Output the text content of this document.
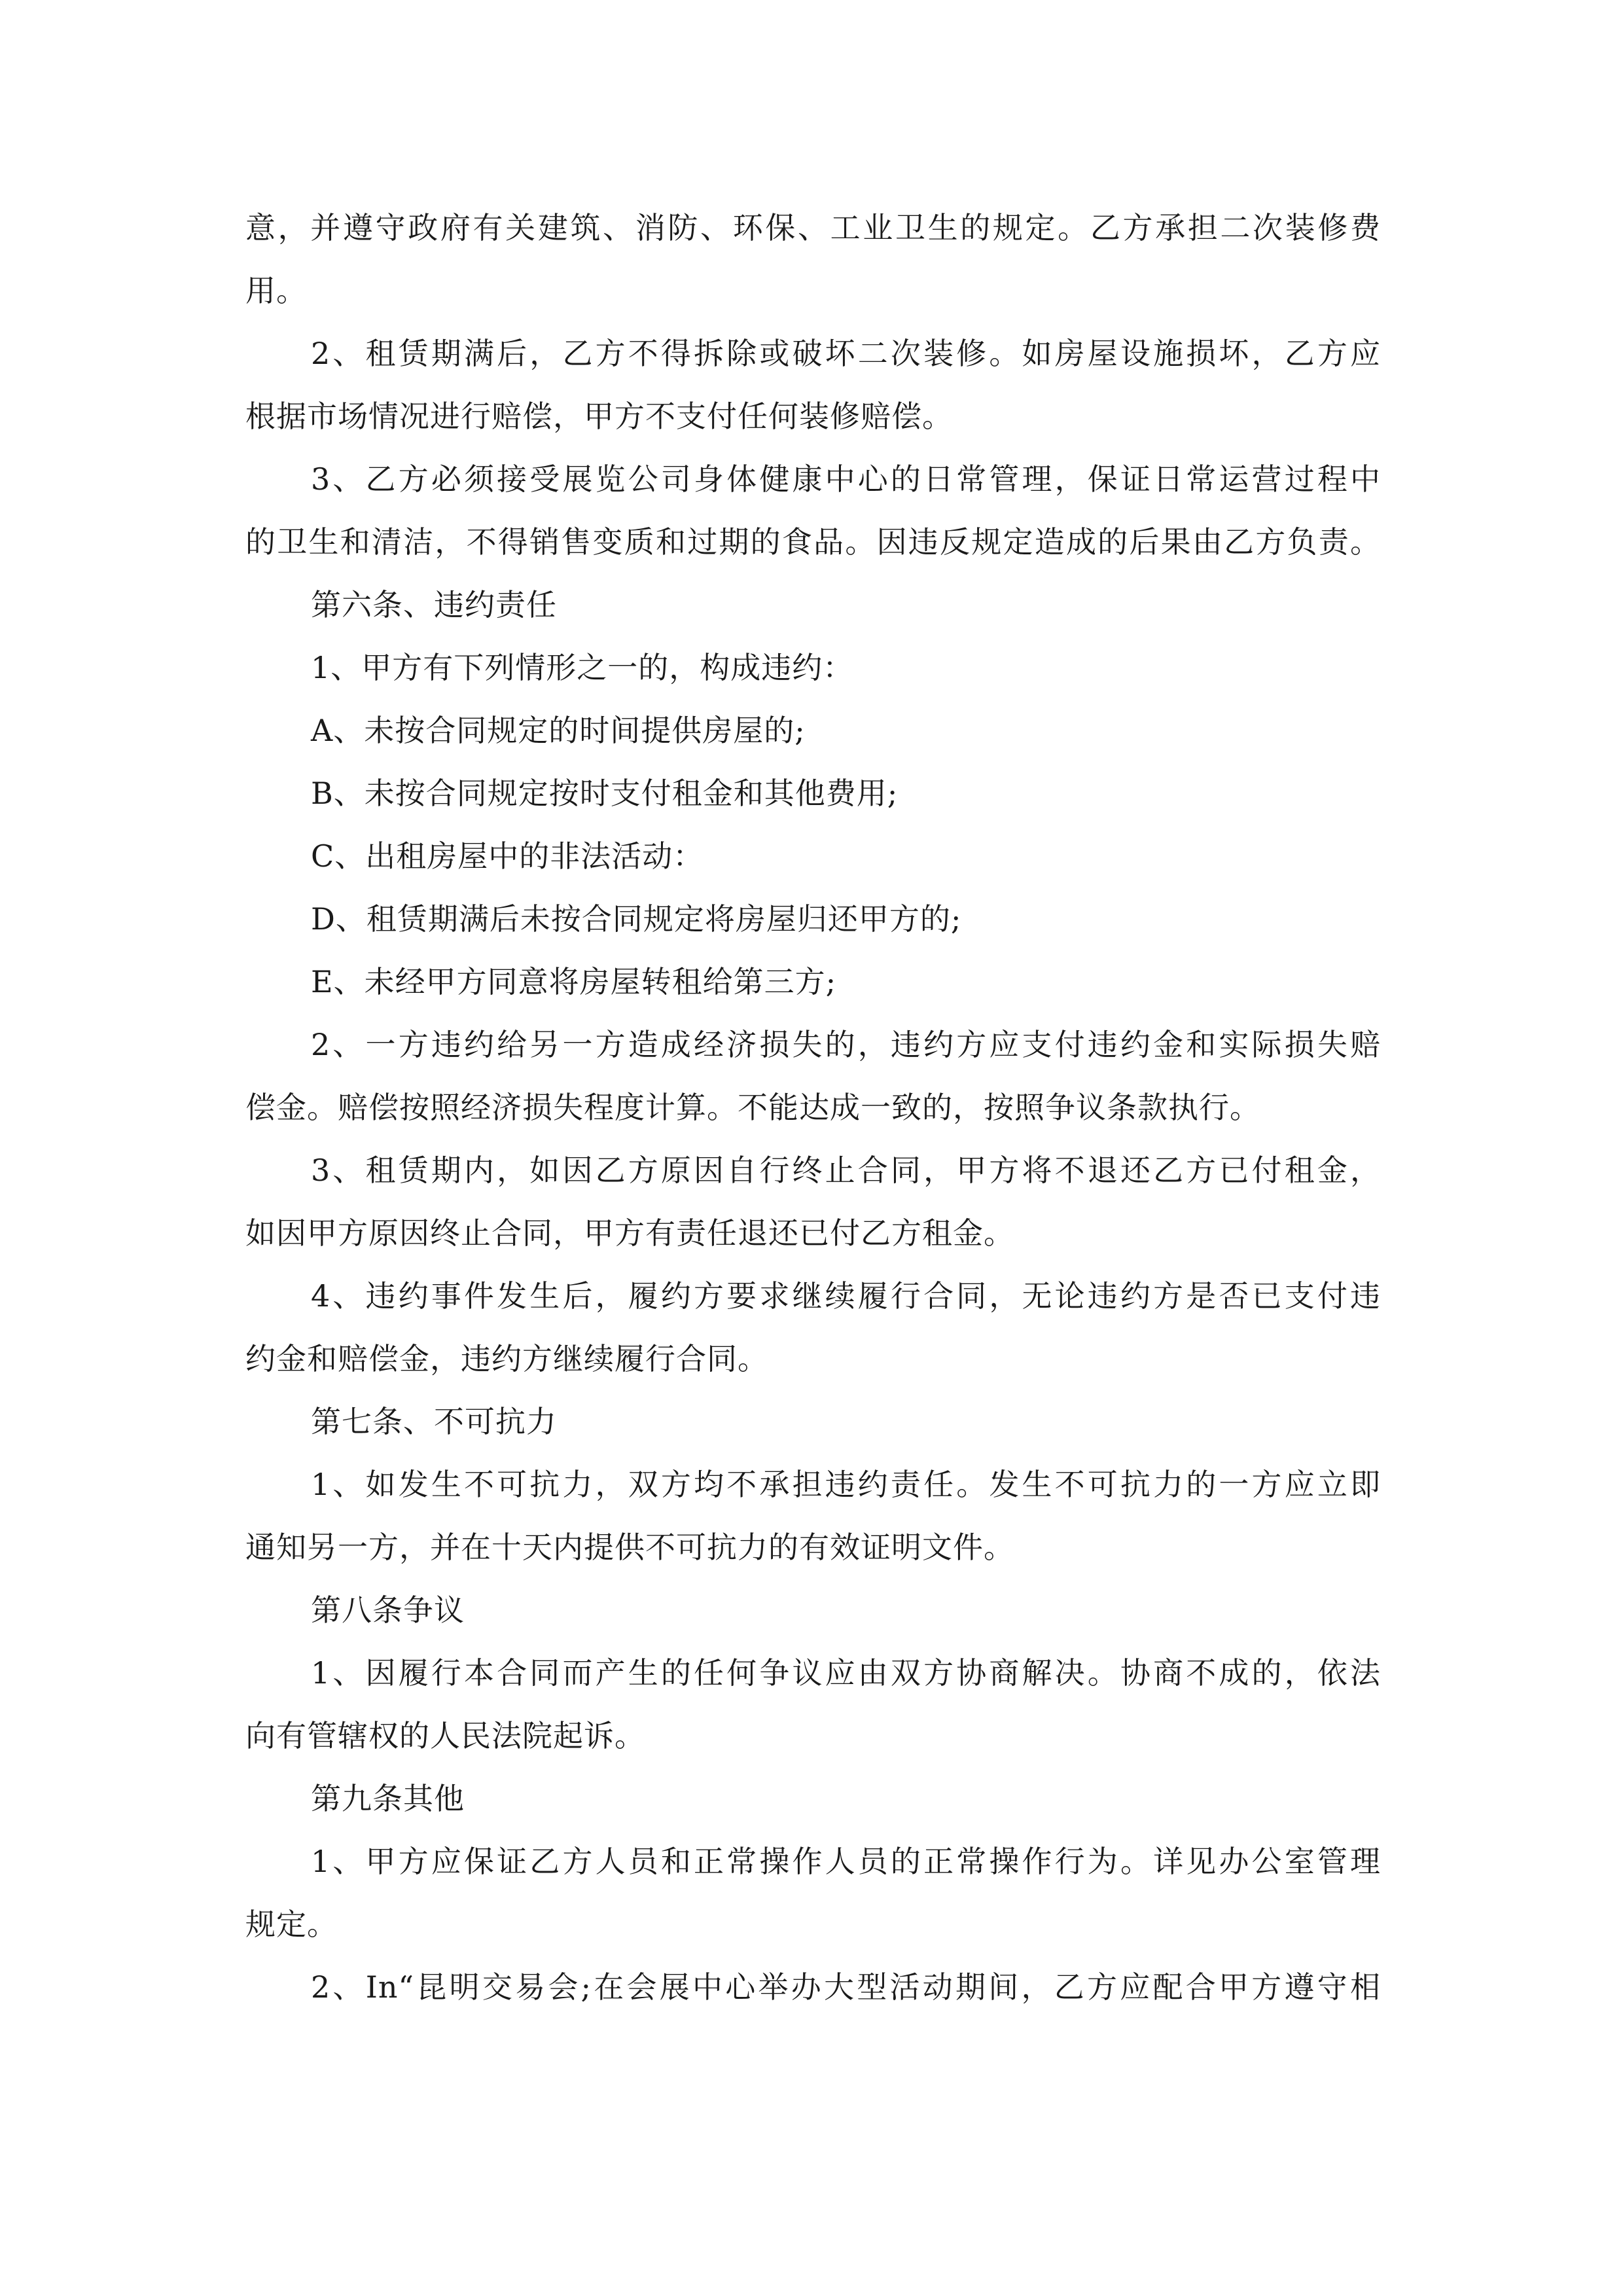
意，并遵守政府有关建筑、消防、环保、工业卫生的规定。乙方承担二次装修费
用。
2、租赁期满后，乙方不得拆除或破坏二次装修。如房屋设施损坏，乙方应
根据市场情况进行赔偿，甲方不支付任何装修赔偿。
3、乙方必须接受展览公司身体健康中心的日常管理，保证日常运营过程中
的卫生和清洁，不得销售变质和过期的食品。因违反规定造成的后果由乙方负责。
第六条、违约责任
1、甲方有下列情形之一的，构成违约：
A、未按合同规定的时间提供房屋的;
B、未按合同规定按时支付租金和其他费用;
C、出租房屋中的非法活动：
D、租赁期满后未按合同规定将房屋归还甲方的;
E、未经甲方同意将房屋转租给第三方;
2、一方违约给另一方造成经济损失的，违约方应支付违约金和实际损失赔
偿金。赔偿按照经济损失程度计算。不能达成一致的，按照争议条款执行。
3、租赁期内，如因乙方原因自行终止合同，甲方将不退还乙方已付租金，
如因甲方原因终止合同，甲方有责任退还已付乙方租金。
4、违约事件发生后，履约方要求继续履行合同，无论违约方是否已支付违
约金和赔偿金，违约方继续履行合同。
第七条、不可抗力
1、如发生不可抗力，双方均不承担违约责任。发生不可抗力的一方应立即
通知另一方，并在十天内提供不可抗力的有效证明文件。
第八条争议
1、因履行本合同而产生的任何争议应由双方协商解决。协商不成的，依法
向有管辖权的人民法院起诉。
第九条其他
1、甲方应保证乙方人员和正常操作人员的正常操作行为。详见办公室管理
规定。
2、In“昆明交易会;在会展中心举办大型活动期间，乙方应配合甲方遵守相
